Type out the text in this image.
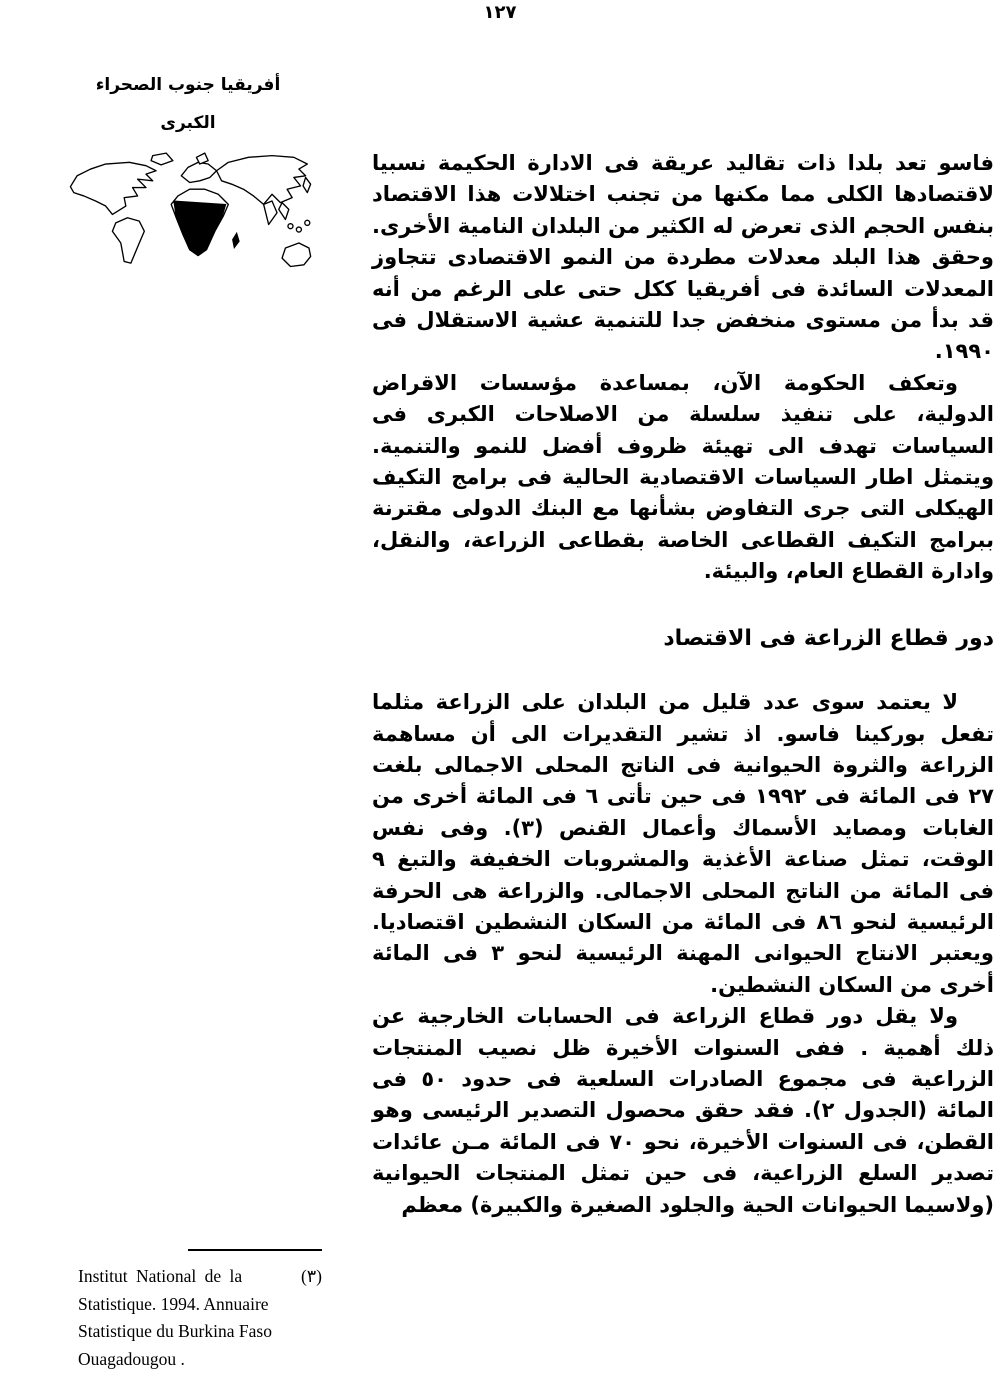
١٢٧
أفريقيا جنوب الصحراء
الكبرى

فاسو تعد بلدا ذات تقاليد عريقة فى الادارة الحكيمة نسبيا لاقتصادها الكلى مما مكنها من تجنب اختلالات هذا الاقتصاد بنفس الحجم الذى تعرض له الكثير من البلدان النامية الأخرى. وحقق هذا البلد معدلات مطردة من النمو الاقتصادى تتجاوز المعدلات السائدة فى أفريقيا ككل حتى على الرغم من أنه قد بدأ من مستوى منخفض جدا للتنمية عشية الاستقلال فى ١٩٩٠.

وتعكف الحكومة الآن، بمساعدة مؤسسات الاقراض الدولية، على تنفيذ سلسلة من الاصلاحات الكبرى فى السياسات تهدف الى تهيئة ظروف أفضل للنمو والتنمية. ويتمثل اطار السياسات الاقتصادية الحالية فى برامج التكيف الهيكلى التى جرى التفاوض بشأنها مع البنك الدولى مقترنة ببرامج التكيف القطاعى الخاصة بقطاعى الزراعة، والنقل، وادارة القطاع العام، والبيئة.

دور قطاع الزراعة فى الاقتصاد

لا يعتمد سوى عدد قليل من البلدان على الزراعة مثلما تفعل بوركينا فاسو. اذ تشير التقديرات الى أن مساهمة الزراعة والثروة الحيوانية فى الناتج المحلى الاجمالى بلغت ٢٧ فى المائة فى ١٩٩٢ فى حين تأتى ٦ فى المائة أخرى من الغابات ومصايد الأسماك وأعمال القنص (٣). وفى نفس الوقت، تمثل صناعة الأغذية والمشروبات الخفيفة والتبغ ٩ فى المائة من الناتج المحلى الاجمالى. والزراعة هى الحرفة الرئيسية لنحو ٨٦ فى المائة من السكان النشطين اقتصاديا. ويعتبر الانتاج الحيوانى المهنة الرئيسية لنحو ٣ فى المائة أخرى من السكان النشطين.

ولا يقل دور قطاع الزراعة فى الحسابات الخارجية عن ذلك أهمية . ففى السنوات الأخيرة ظل نصيب المنتجات الزراعية فى مجموع الصادرات السلعية فى حدود ٥٠ فى المائة (الجدول ٢). فقد حقق محصول التصدير الرئيسى وهو القطن، فى السنوات الأخيرة، نحو ٧٠ فى المائة مـن عائدات تصدير السلع الزراعية، فى حين تمثل المنتجات الحيوانية (ولاسيما الحيوانات الحية والجلود الصغيرة والكبيرة) معظم

Institut National de la	(٣)
Statistique. 1994. Annuaire
Statistique du Burkina Faso
Ouagadougou .
